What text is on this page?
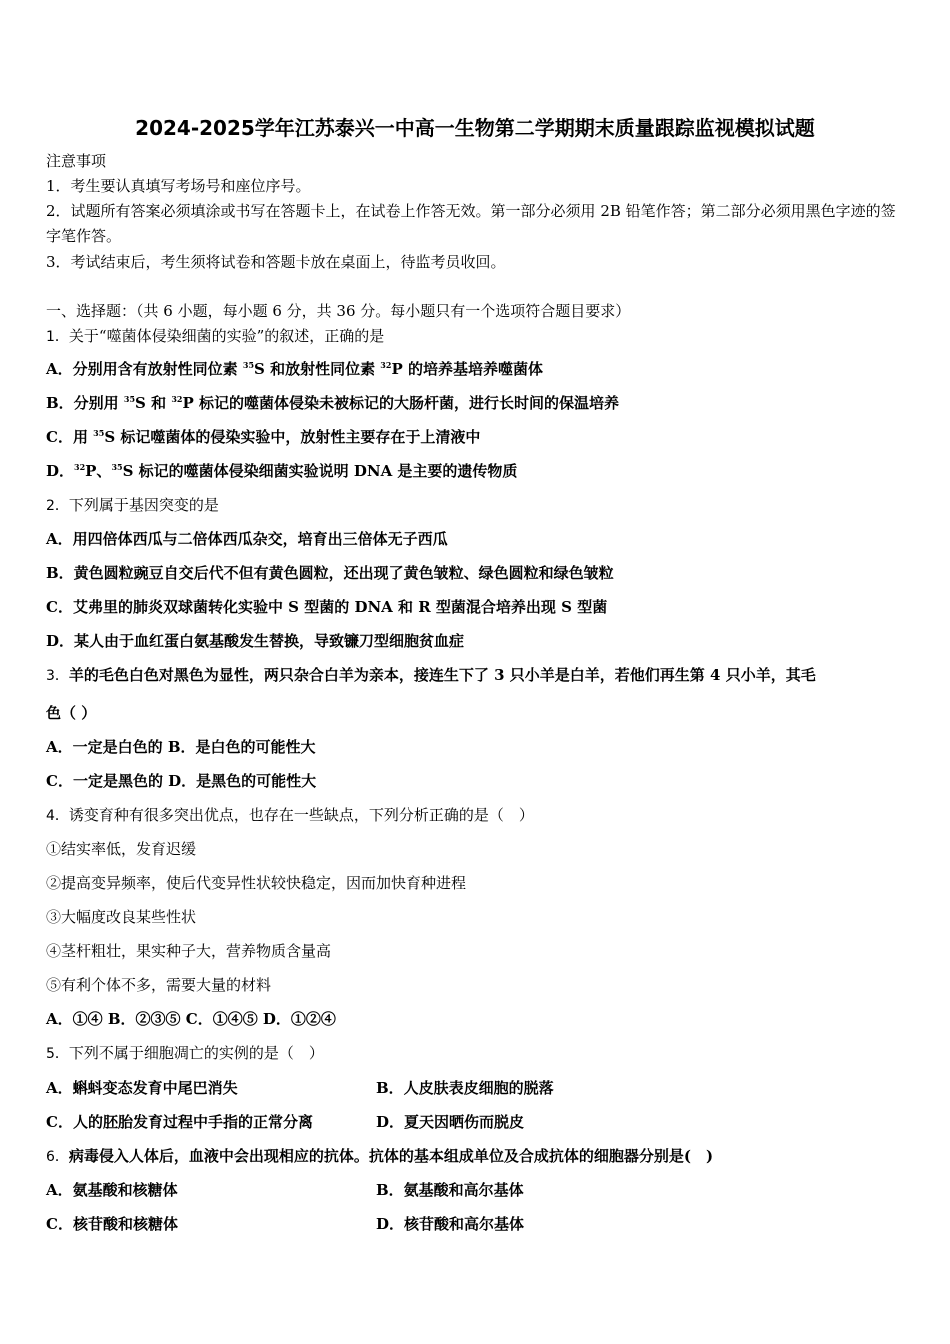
2024-2025学年江苏泰兴一中高一生物第二学期期末质量跟踪监视模拟试题
注意事项
1．考生要认真填写考场号和座位序号。
2．试题所有答案必须填涂或书写在答题卡上，在试卷上作答无效。第一部分必须用 2B 铅笔作答；第二部分必须用黑色字迹的签字笔作答。
3．考试结束后，考生须将试卷和答题卡放在桌面上，待监考员收回。
一、选择题：（共 6 小题，每小题 6 分，共 36 分。每小题只有一个选项符合题目要求）
1．关于“噬菌体侵染细菌的实验”的叙述，正确的是
A．分别用含有放射性同位素 $^{35}$S 和放射性同位素 $^{32}$P 的培养基培养噬菌体
B．分别用 $^{35}$S 和 $^{32}$P 标记的噬菌体侵染未被标记的大肠杆菌，进行长时间的保温培养
C．用 $^{35}$S 标记噬菌体的侵染实验中，放射性主要存在于上清液中
D．$^{32}$P、$^{35}$S 标记的噬菌体侵染细菌实验说明 DNA 是主要的遗传物质
2．下列属于基因突变的是
A．用四倍体西瓜与二倍体西瓜杂交，培育出三倍体无子西瓜
B．黄色圆粒豌豆自交后代不但有黄色圆粒，还出现了黄色皱粒、绿色圆粒和绿色皱粒
C．艾弗里的肺炎双球菌转化实验中 S 型菌的 DNA 和 R 型菌混合培养出现 S 型菌
D．某人由于血红蛋白氨基酸发生替换，导致镰刀型细胞贫血症
3．羊的毛色白色对黑色为显性，两只杂合白羊为亲本，接连生下了 3 只小羊是白羊，若他们再生第 4 只小羊，其毛
色（ ）
A．一定是白色的 B．是白色的可能性大
C．一定是黑色的 D．是黑色的可能性大
4．诱变育种有很多突出优点，也存在一些缺点，下列分析正确的是（　）
①结实率低，发育迟缓
②提高变异频率，使后代变异性状较快稳定，因而加快育种进程
③大幅度改良某些性状
④茎杆粗壮，果实种子大，营养物质含量高
⑤有利个体不多，需要大量的材料
A．①④ B．②③⑤ C．①④⑤ D．①②④
5．下列不属于细胞凋亡的实例的是（　）
A．蝌蚪变态发育中尾巴消失	B．人皮肤表皮细胞的脱落
C．人的胚胎发育过程中手指的正常分离	D．夏天因晒伤而脱皮
6．病毒侵入人体后，血液中会出现相应的抗体。抗体的基本组成单位及合成抗体的细胞器分别是(　)
A．氨基酸和核糖体	B．氨基酸和高尔基体
C．核苷酸和核糖体	D．核苷酸和高尔基体
